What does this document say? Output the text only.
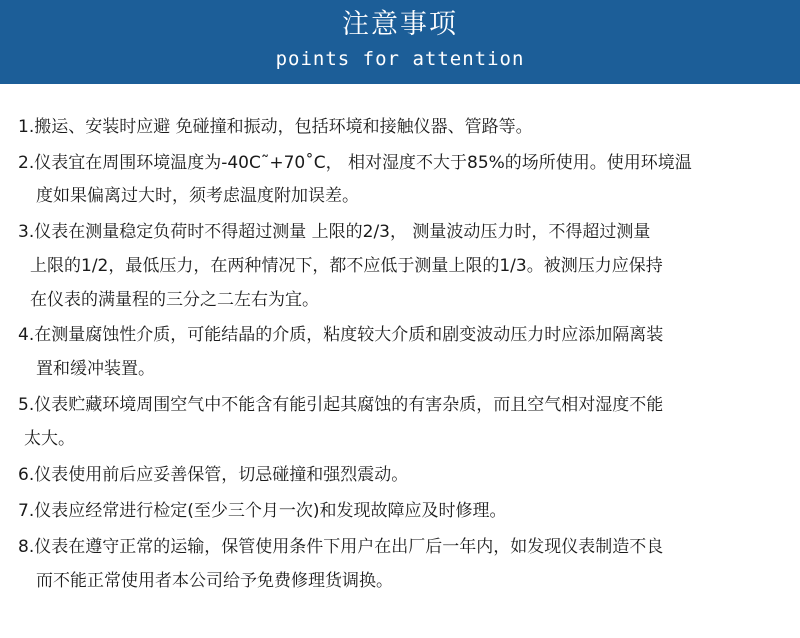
注意事项
points for attention
1.搬运、安装时应避 免碰撞和振动，包括环境和接触仪器、管路等。
2.仪表宜在周围环境温度为-40C˜+70˚C， 相对湿度不大于85%的场所使用。使用环境温
度如果偏离过大时，须考虑温度附加误差。
3.仪表在测量稳定负荷时不得超过测量 上限的2/3， 测量波动压力时，不得超过测量
上限的1/2，最低压力，在两种情况下，都不应低于测量上限的1/3。被测压力应保持
在仪表的满量程的三分之二左右为宜。
4.在测量腐蚀性介质，可能结晶的介质，粘度较大介质和剧变波动压力时应添加隔离装
置和缓冲装置。
5.仪表贮藏环境周围空气中不能含有能引起其腐蚀的有害杂质，而且空气相对湿度不能
太大。
6.仪表使用前后应妥善保管，切忌碰撞和强烈震动。
7.仪表应经常进行检定(至少三个月一次)和发现故障应及时修理。
8.仪表在遵守正常的运输，保管使用条件下用户在出厂后一年内，如发现仪表制造不良
而不能正常使用者本公司给予免费修理货调换。
